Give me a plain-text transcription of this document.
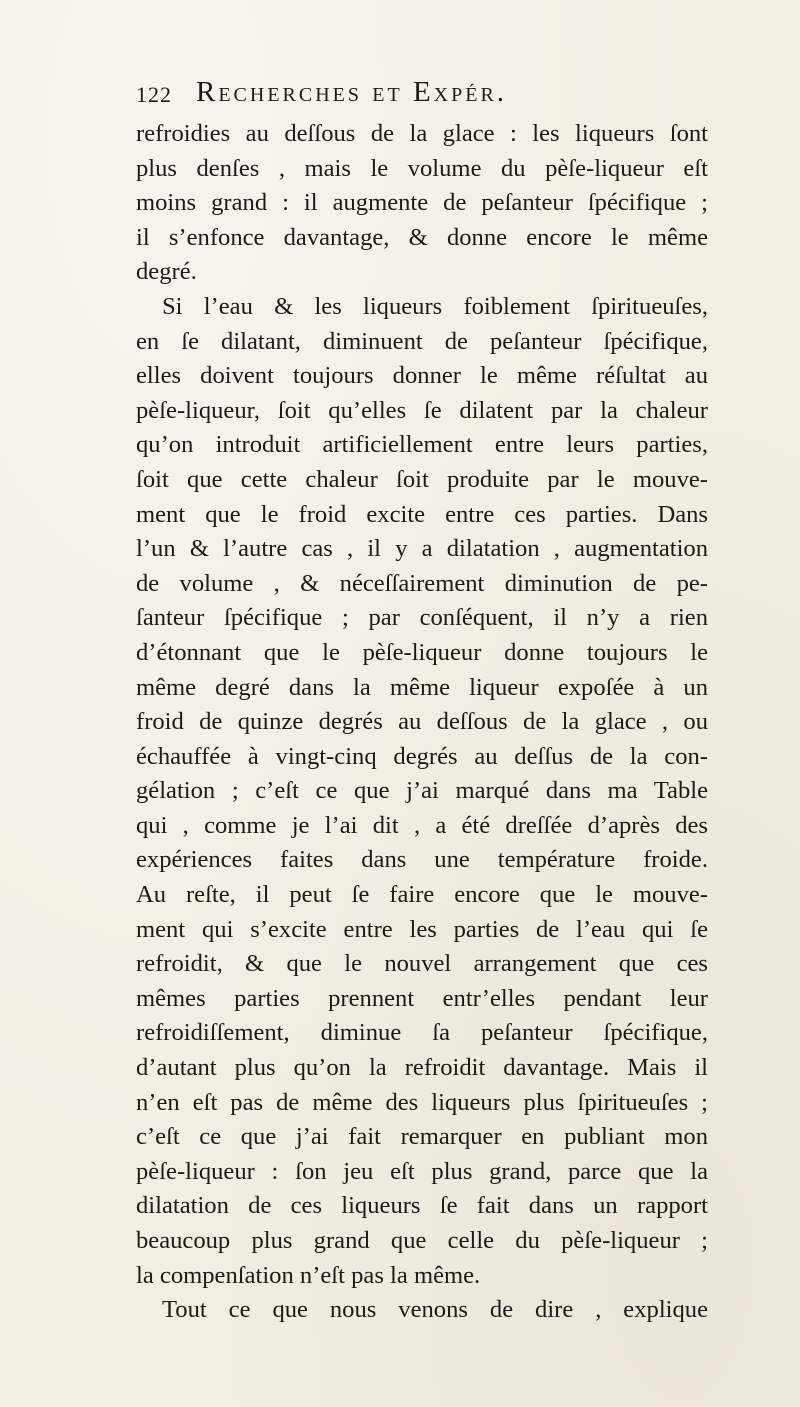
122 Recherches et Expér.
refroidies au deſſous de la glace : les liqueurs ſont
plus denſes , mais le volume du pèſe-liqueur eſt
moins grand : il augmente de peſanteur ſpécifique ;
il s’enfonce davantage, & donne encore le même
degré.
Si l’eau & les liqueurs foiblement ſpiritueuſes,
en ſe dilatant, diminuent de peſanteur ſpécifique,
elles doivent toujours donner le même réſultat au
pèſe-liqueur, ſoit qu’elles ſe dilatent par la chaleur
qu’on introduit artificiellement entre leurs parties,
ſoit que cette chaleur ſoit produite par le mouve-
ment que le froid excite entre ces parties. Dans
l’un & l’autre cas , il y a dilatation , augmentation
de volume , & néceſſairement diminution de pe-
ſanteur ſpécifique ; par conſéquent, il n’y a rien
d’étonnant que le pèſe-liqueur donne toujours le
même degré dans la même liqueur expoſée à un
froid de quinze degrés au deſſous de la glace , ou
échauffée à vingt-cinq degrés au deſſus de la con-
gélation ; c’eſt ce que j’ai marqué dans ma Table
qui , comme je l’ai dit , a été dreſſée d’après des
expériences faites dans une température froide.
Au reſte, il peut ſe faire encore que le mouve-
ment qui s’excite entre les parties de l’eau qui ſe
refroidit, & que le nouvel arrangement que ces
mêmes parties prennent entr’elles pendant leur
refroidiſſement, diminue ſa peſanteur ſpécifique,
d’autant plus qu’on la refroidit davantage. Mais il
n’en eſt pas de même des liqueurs plus ſpiritueuſes ;
c’eſt ce que j’ai fait remarquer en publiant mon
pèſe-liqueur : ſon jeu eſt plus grand, parce que la
dilatation de ces liqueurs ſe fait dans un rapport
beaucoup plus grand que celle du pèſe-liqueur ;
la compenſation n’eſt pas la même.
Tout ce que nous venons de dire , explique
